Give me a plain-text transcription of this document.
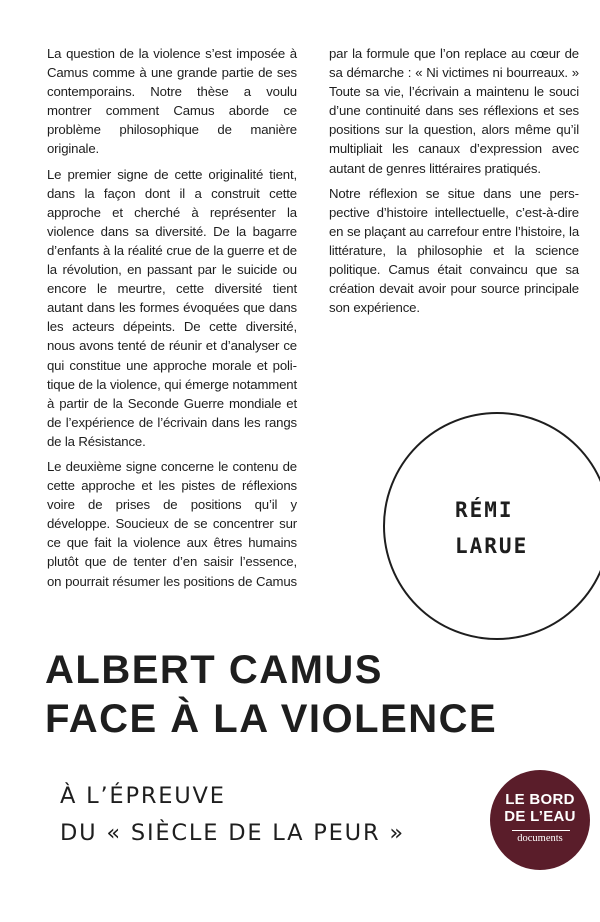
La question de la violence s’est imposée à Camus comme à une grande partie de ses contemporains. Notre thèse a voulu montrer comment Camus aborde ce problème philosophique de manière originale.

Le premier signe de cette originalité tient, dans la façon dont il a construit cette approche et cherché à représenter la violence dans sa diversité. De la bagarre d’enfants à la réalité crue de la guerre et de la révolution, en passant par le suicide ou encore le meurtre, cette diversité tient autant dans les formes évoquées que dans les acteurs dépeints. De cette diversité, nous avons tenté de réunir et d’analyser ce qui constitue une approche morale et politique de la violence, qui émerge notamment à partir de la Seconde Guerre mondiale et de l’expérience de l’écrivain dans les rangs de la Résistance.

Le deuxième signe concerne le contenu de cette approche et les pistes de réflexions voire de prises de positions qu’il y développe. Soucieux de se concentrer sur ce que fait la violence aux êtres humains plutôt que de tenter d’en saisir l’essence, on pourrait résumer les positions de Camus par la formule que l’on replace au cœur de sa démarche : « Ni victimes ni bourreaux. » Toute sa vie, l’écrivain a maintenu le souci d’une continuité dans ses réflexions et ses positions sur la question, alors même qu’il multipliait les canaux d’expression avec autant de genres littéraires pratiqués.

Notre réflexion se situe dans une perspective d’histoire intellectuelle, c’est-à-dire en se plaçant au carrefour entre l’histoire, la littérature, la philosophie et la science politique. Camus était convaincu que sa création devait avoir pour source principale son expérience.

RÉMI
LARUE
ALBERT CAMUS
FACE À LA VIOLENCE
À L’ÉPREUVE
DU « SIÈCLE DE LA PEUR »
LE BORD
DE L’EAU
documents
